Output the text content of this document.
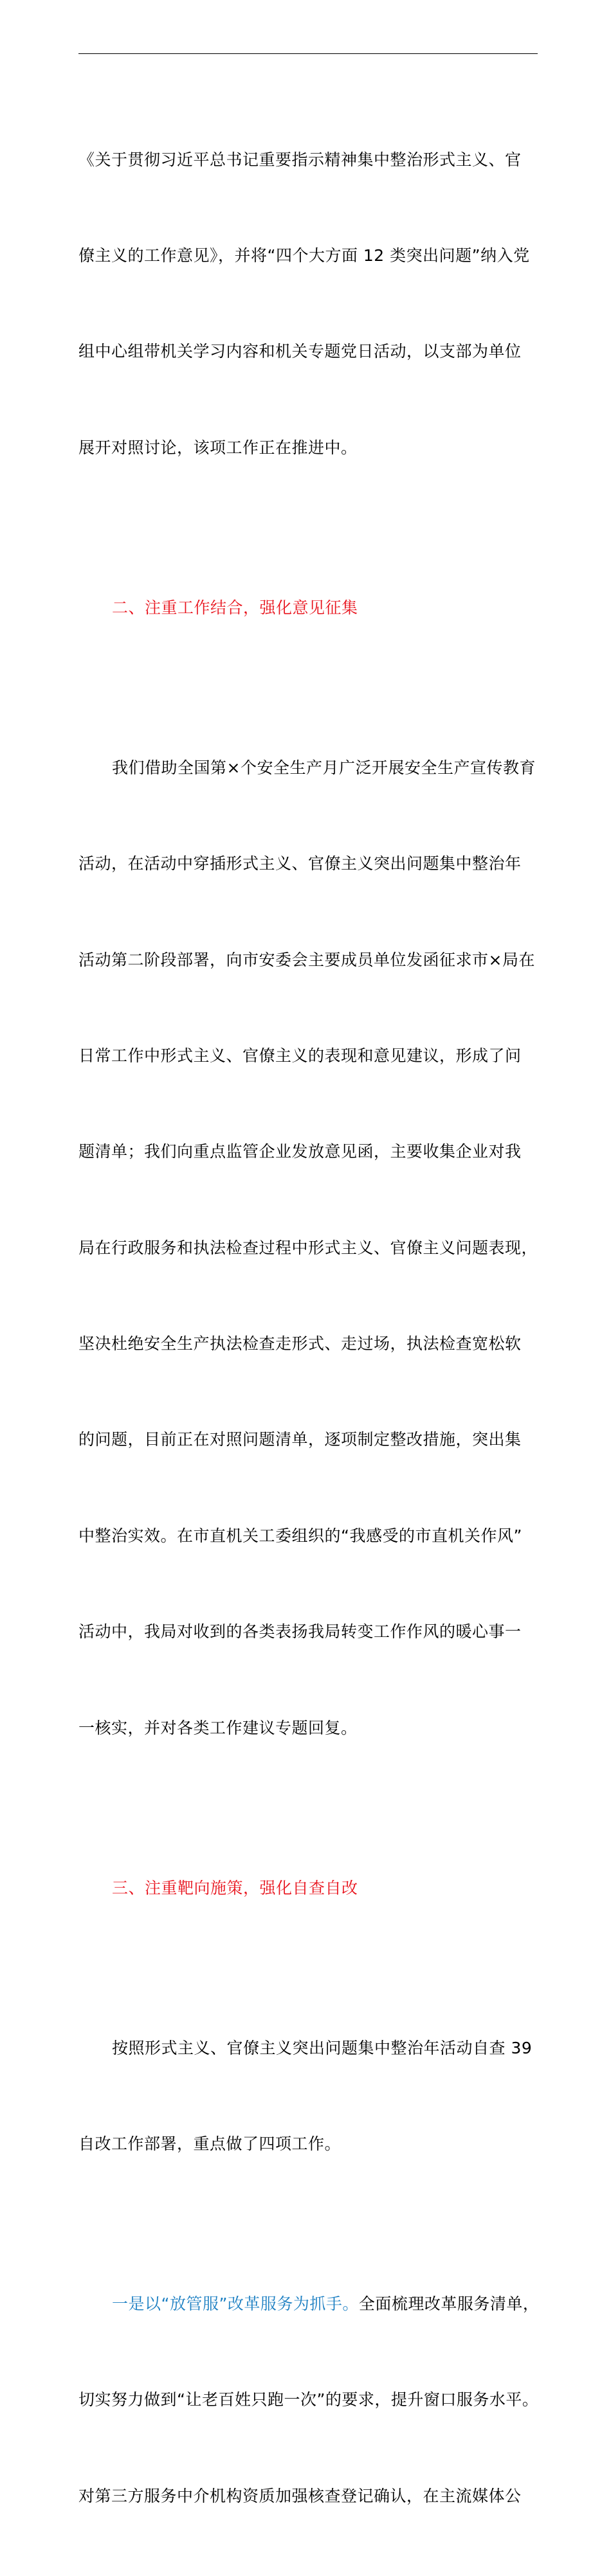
《关于贯彻习近平总书记重要指示精神集中整治形式主义、官

僚主义的工作意见》，并将“四个大方面 12 类突出问题”纳入党

组中心组带机关学习内容和机关专题党日活动，以支部为单位

展开对照讨论，该项工作正在推进中。

二、注重工作结合，强化意见征集

我们借助全国第×个安全生产月广泛开展安全生产宣传教育

活动，在活动中穿插形式主义、官僚主义突出问题集中整治年

活动第二阶段部署，向市安委会主要成员单位发函征求市×局在

日常工作中形式主义、官僚主义的表现和意见建议，形成了问

题清单；我们向重点监管企业发放意见函，主要收集企业对我

局在行政服务和执法检查过程中形式主义、官僚主义问题表现，

坚决杜绝安全生产执法检查走形式、走过场，执法检查宽松软

的问题，目前正在对照问题清单，逐项制定整改措施，突出集

中整治实效。在市直机关工委组织的“我感受的市直机关作风”

活动中，我局对收到的各类表扬我局转变工作作风的暖心事一

一核实，并对各类工作建议专题回复。

三、注重靶向施策，强化自查自改

按照形式主义、官僚主义突出问题集中整治年活动自查 39

自改工作部署，重点做了四项工作。

一是以“放管服”改革服务为抓手。全面梳理改革服务清单，

切实努力做到“让老百姓只跑一次”的要求，提升窗口服务水平。

对第三方服务中介机构资质加强核查登记确认，在主流媒体公
